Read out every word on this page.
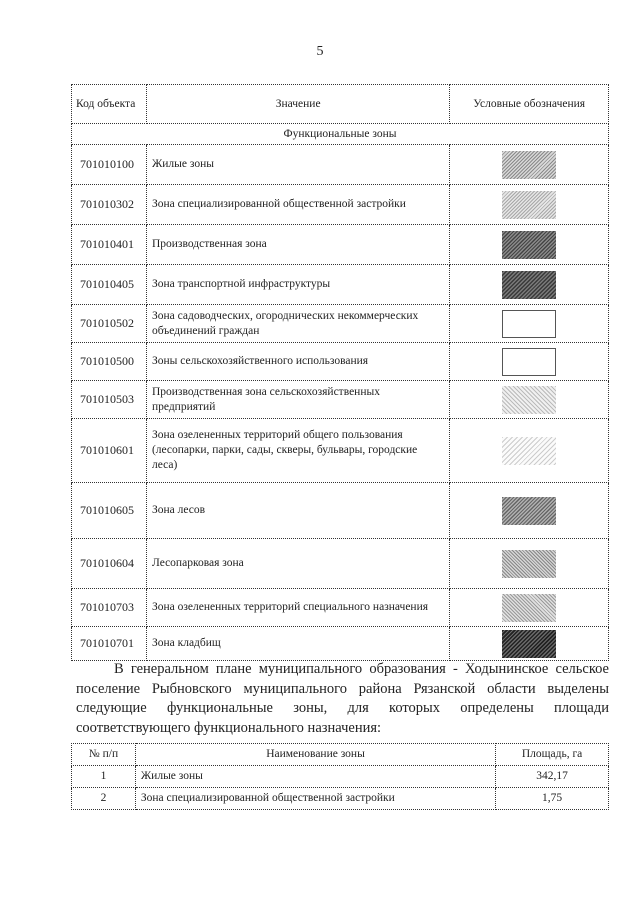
5
Код объекта	Значение	Условные обозначения
Функциональные зоны		
701010100	Жилые зоны	

701010302	Зона специализированной общественной застройки	

701010401	Производственная зона	

701010405	Зона транспортной инфраструктуры	

701010502	Зона садоводческих, огороднических некоммерческих объединений граждан	

701010500	Зоны сельскохозяйственного использования	

701010503	Производственная зона сельскохозяйственных предприятий	

701010601	Зона озелененных территорий общего пользования (лесопарки, парки, сады, скверы, бульвары, городские леса)	

701010605	Зона лесов	

701010604	Лесопарковая зона	

701010703	Зона озелененных территорий специального назначения	

701010701	Зона кладбищ	

В генеральном плане муниципального образования - Ходынинское сельское поселение Рыбновского муниципального района Рязанской области выделены следующие функциональные зоны, для которых определены площади соответствующего функционального назначения:

№ п/п	Наименование зоны	Площадь, га
1	Жилые зоны	342,17
2	Зона специализированной общественной застройки	1,75
